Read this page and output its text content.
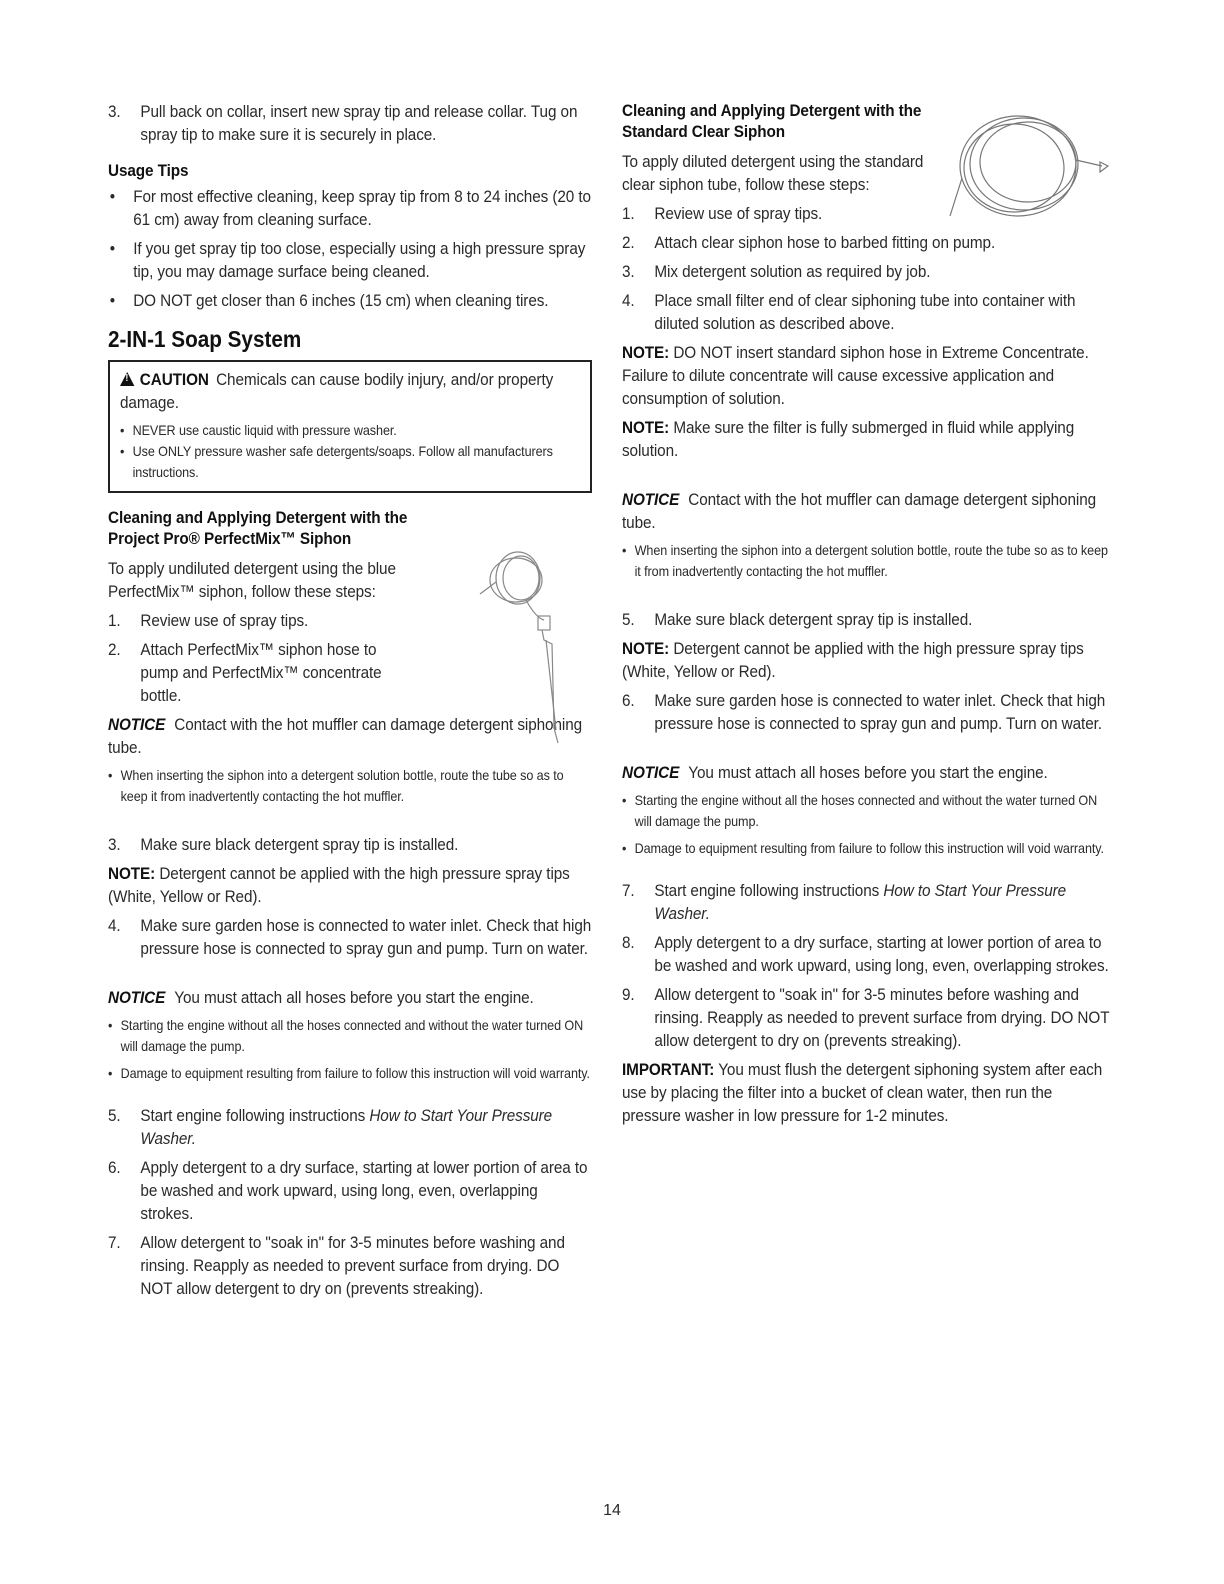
3. Pull back on collar, insert new spray tip and release collar. Tug on spray tip to make sure it is securely in place.
Usage Tips
• For most effective cleaning, keep spray tip from 8 to 24 inches (20 to 61 cm) away from cleaning surface.
• If you get spray tip too close, especially using a high pressure spray tip, you may damage surface being cleaned.
• DO NOT get closer than 6 inches (15 cm) when cleaning tires.
2-IN-1 Soap System

!CAUTION Chemicals can cause bodily injury, and/or property damage.

• NEVER use caustic liquid with pressure washer.
• Use ONLY pressure washer safe detergents/soaps. Follow all manufacturers instructions.
Cleaning and Applying Detergent with the Project Pro® PerfectMix™ Siphon

To apply undiluted detergent using the blue PerfectMix™ siphon, follow these steps:

1. Review use of spray tips.
2. Attach PerfectMix™ siphon hose to pump and PerfectMix™ concentrate bottle.

NOTICE Contact with the hot muffler can damage detergent siphoning tube.

• When inserting the siphon into a detergent solution bottle, route the tube so as to keep it from inadvertently contacting the hot muffler.
3. Make sure black detergent spray tip is installed.

NOTE: Detergent cannot be applied with the high pressure spray tips (White, Yellow or Red).

4. Make sure garden hose is connected to water inlet. Check that high pressure hose is connected to spray gun and pump. Turn on water.

NOTICE You must attach all hoses before you start the engine.

• Starting the engine without all the hoses connected and without the water turned ON will damage the pump.
• Damage to equipment resulting from failure to follow this instruction will void warranty.
5. Start engine following instructions How to Start Your Pressure Washer.
6. Apply detergent to a dry surface, starting at lower portion of area to be washed and work upward, using long, even, overlapping strokes.
7. Allow detergent to "soak in" for 3-5 minutes before washing and rinsing. Reapply as needed to prevent surface from drying. DO NOT allow detergent to dry on (prevents streaking).
Cleaning and Applying Detergent with the Standard Clear Siphon

To apply diluted detergent using the standard clear siphon tube, follow these steps:

1. Review use of spray tips.
2. Attach clear siphon hose to barbed fitting on pump.
3. Mix detergent solution as required by job.
4. Place small filter end of clear siphoning tube into container with diluted solution as described above.

NOTE: DO NOT insert standard siphon hose in Extreme Concentrate. Failure to dilute concentrate will cause excessive application and consumption of solution.

NOTE: Make sure the filter is fully submerged in fluid while applying solution.

NOTICE Contact with the hot muffler can damage detergent siphoning tube.

• When inserting the siphon into a detergent solution bottle, route the tube so as to keep it from inadvertently contacting the hot muffler.
5. Make sure black detergent spray tip is installed.

NOTE: Detergent cannot be applied with the high pressure spray tips (White, Yellow or Red).

6. Make sure garden hose is connected to water inlet. Check that high pressure hose is connected to spray gun and pump. Turn on water.

NOTICE You must attach all hoses before you start the engine.

• Starting the engine without all the hoses connected and without the water turned ON will damage the pump.
• Damage to equipment resulting from failure to follow this instruction will void warranty.
7. Start engine following instructions How to Start Your Pressure Washer.
8. Apply detergent to a dry surface, starting at lower portion of area to be washed and work upward, using long, even, overlapping strokes.
9. Allow detergent to "soak in" for 3-5 minutes before washing and rinsing. Reapply as needed to prevent surface from drying. DO NOT allow detergent to dry on (prevents streaking).

IMPORTANT: You must flush the detergent siphoning system after each use by placing the filter into a bucket of clean water, then run the pressure washer in low pressure for 1-2 minutes.

14
